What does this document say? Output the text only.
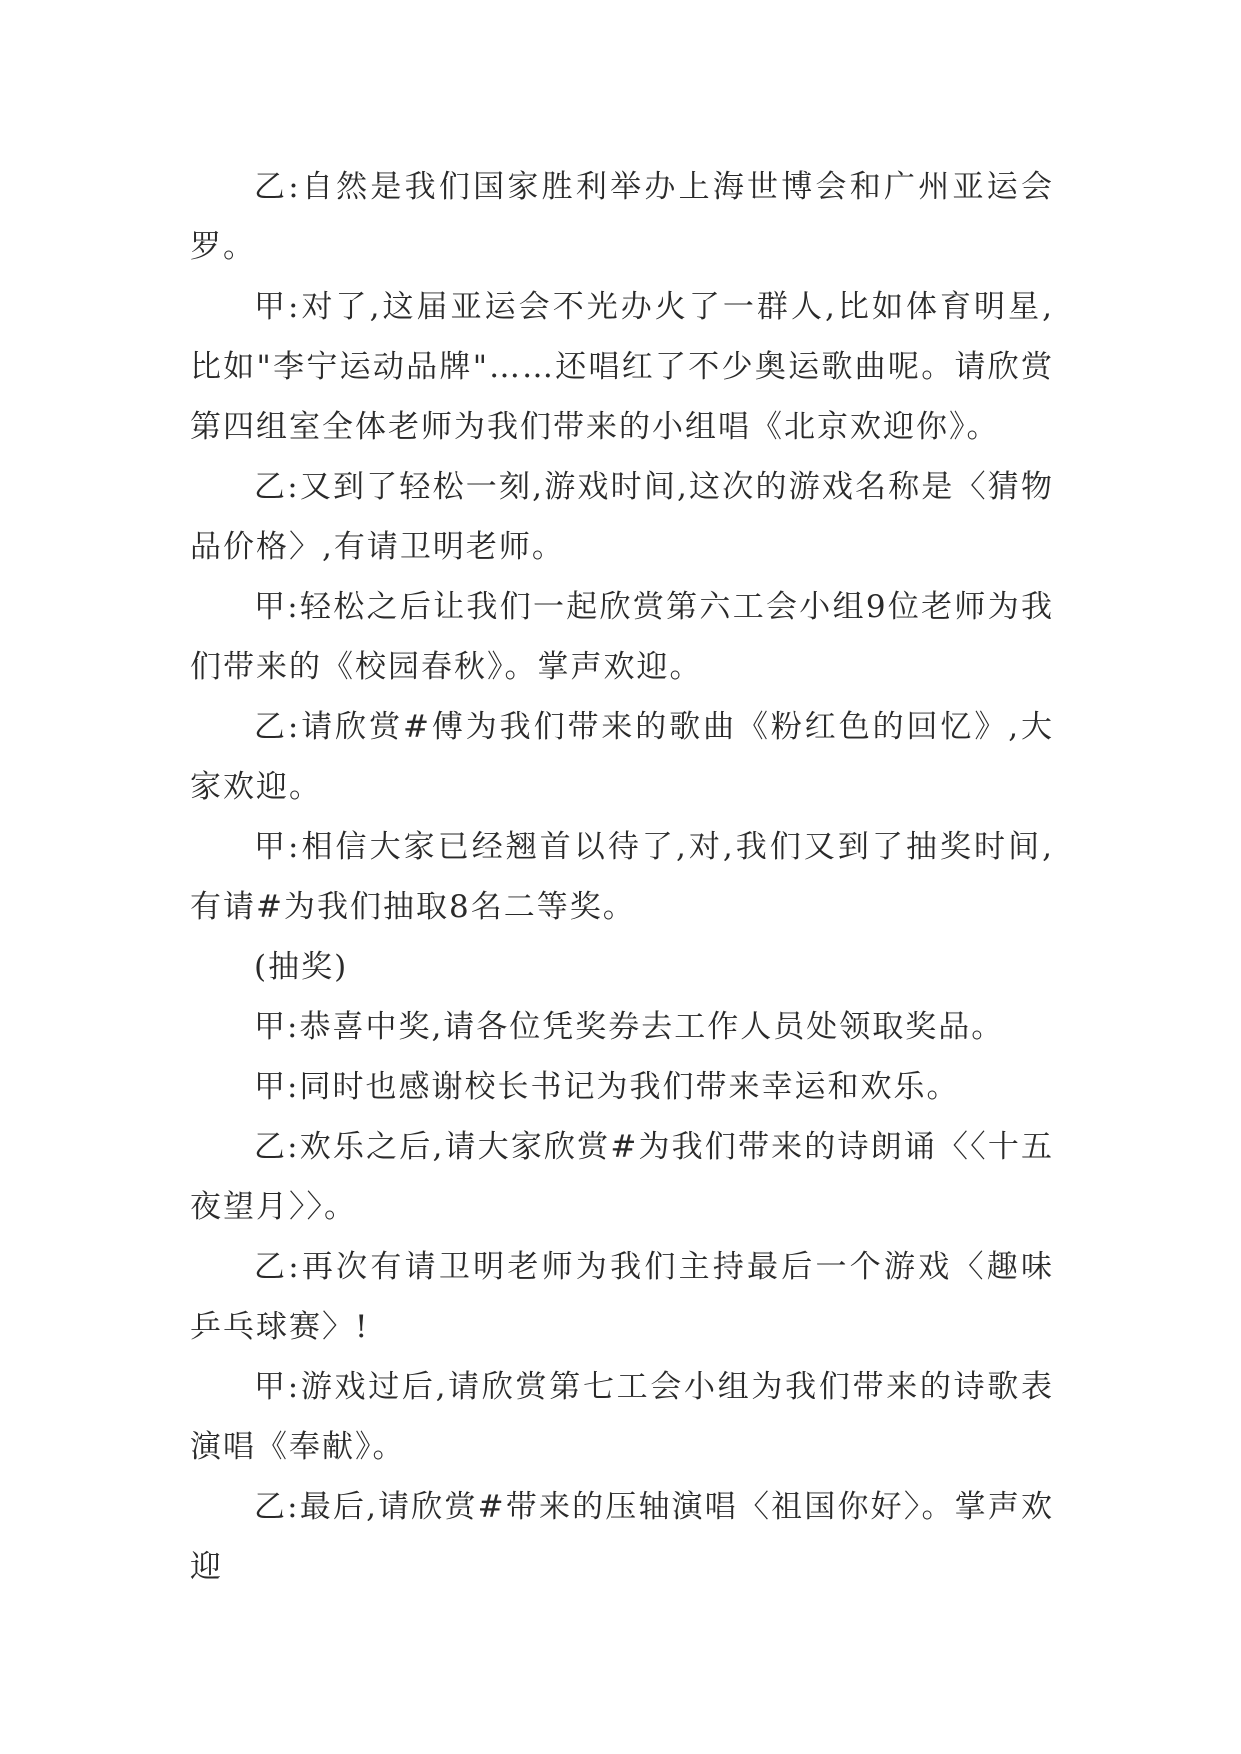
乙:自然是我们国家胜利举办上海世博会和广州亚运会罗。

甲:对了,这届亚运会不光办火了一群人,比如体育明星,比如"李宁运动品牌"……还唱红了不少奥运歌曲呢。请欣赏第四组室全体老师为我们带来的小组唱《北京欢迎你》。

乙:又到了轻松一刻,游戏时间,这次的游戏名称是〈猜物品价格〉,有请卫明老师。

甲:轻松之后让我们一起欣赏第六工会小组9位老师为我们带来的《校园春秋》。掌声欢迎。

乙:请欣赏#傅为我们带来的歌曲《粉红色的回忆》,大家欢迎。

甲:相信大家已经翘首以待了,对,我们又到了抽奖时间,有请#为我们抽取8名二等奖。

(抽奖)

甲:恭喜中奖,请各位凭奖券去工作人员处领取奖品。

甲:同时也感谢校长书记为我们带来幸运和欢乐。

乙:欢乐之后,请大家欣赏#为我们带来的诗朗诵〈〈十五夜望月〉〉。

乙:再次有请卫明老师为我们主持最后一个游戏〈趣味乒乓球赛〉!

甲:游戏过后,请欣赏第七工会小组为我们带来的诗歌表演唱《奉献》。

乙:最后,请欣赏#带来的压轴演唱〈祖国你好〉。掌声欢迎
